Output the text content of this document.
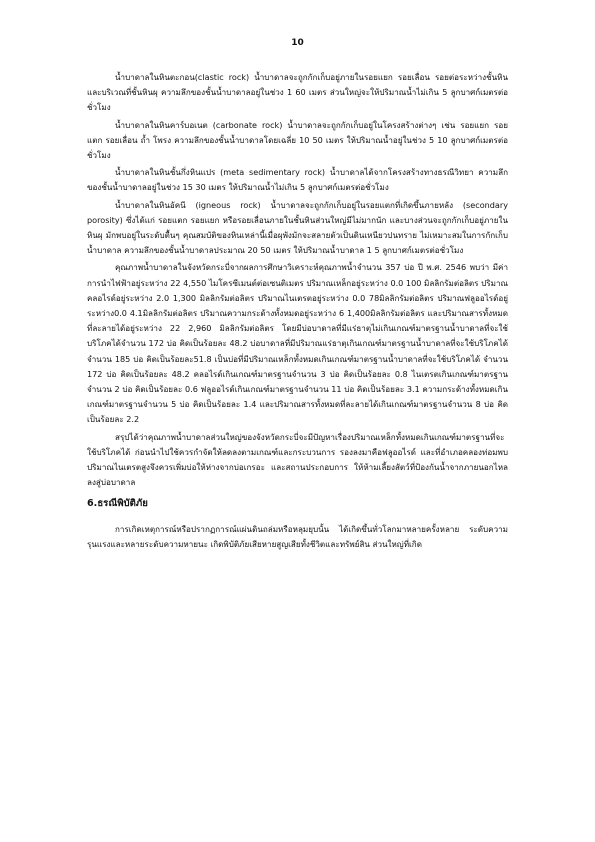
10

น้ำบาดาลในหินตะกอน(clastic rock) น้ำบาดาลจะถูกกักเก็บอยู่ภายในรอยแยก รอยเลื่อน รอยต่อระหว่างชั้นหิน และบริเวณที่ชั้นหินผุ ความลึกของชั้นน้ำบาดาลอยู่ในช่วง 1 60 เมตร ส่วนใหญ่จะให้ปริมาณน้ำไม่เกิน 5 ลูกบาศก์เมตรต่อชั่วโมง

น้ำบาดาลในหินคาร์บอเนต (carbonate rock) น้ำบาดาลจะถูกกักเก็บอยู่ในโครงสร้างต่างๆ เช่น รอยแยก รอยแตก รอยเลื่อน ถ้ำ โพรง ความลึกของชั้นน้ำบาดาลโดยเฉลี่ย 10 50 เมตร ให้ปริมาณน้ำอยู่ในช่วง 5 10 ลูกบาศก์เมตรต่อชั่วโมง

น้ำบาดาลในหินชั้นกึ่งหินแปร (meta sedimentary rock) น้ำบาดาลได้จากโครงสร้างทางธรณีวิทยา ความลึกของชั้นน้ำบาดาลอยู่ในช่วง 15 30 เมตร ให้ปริมาณน้ำไม่เกิน 5 ลูกบาศก์เมตรต่อชั่วโมง

น้ำบาดาลในหินอัคนี (igneous rock) น้ำบาดาลจะถูกกักเก็บอยู่ในรอยแตกที่เกิดขึ้นภายหลัง (secondary porosity) ซึ่งได้แก่ รอยแตก รอยแยก หรือรอยเลื่อนภายในชั้นหินส่วนใหญ่มีไม่มากนัก และบางส่วนจะถูกกักเก็บอยู่ภายในหินผุ มักพบอยู่ในระดับตื้นๆ คุณสมบัติของหินเหล่านี้เมื่อผุพังมักจะสลายตัวเป็นดินเหนียวปนทราย ไม่เหมาะสมในการกักเก็บน้ำบาดาล ความลึกของชั้นน้ำบาดาลประมาณ 20 50 เมตร ให้ปริมาณน้ำบาดาล 1 5 ลูกบาศก์เมตรต่อชั่วโมง

คุณภาพน้ำบาดาลในจังหวัดกระบี่จากผลการศึกษาวิเคราะห์คุณภาพน้ำจำนวน 357 บ่อ ปี พ.ศ. 2546 พบว่า มีค่าการนำไฟฟ้าอยู่ระหว่าง 22 4,550 ไมโครซีเมนต์ต่อเซนติเมตร ปริมาณเหล็กอยู่ระหว่าง 0.0 100 มิลลิกรัมต่อลิตร ปริมาณคลอไรด์อยู่ระหว่าง 2.0 1,300 มิลลิกรัมต่อลิตร ปริมาณไนเตรตอยู่ระหว่าง 0.0 78มิลลิกรัมต่อลิตร ปริมาณฟลูออไรด์อยู่ระหว่าง0.0 4.1มิลลิกรัมต่อลิตร ปริมาณความกระด้างทั้งหมดอยู่ระหว่าง 6 1,400มิลลิกรัมต่อลิตร และปริมาณสารทั้งหมดที่ละลายได้อยู่ระหว่าง 22 2,960 มิลลิกรัมต่อลิตร โดยมีบ่อบาดาลที่มีแร่ธาตุไม่เกินเกณฑ์มาตรฐานน้ำบาดาลที่จะใช้บริโภคได้จำนวน 172 บ่อ คิดเป็นร้อยละ 48.2 บ่อบาดาลที่มีปริมาณแร่ธาตุเกินเกณฑ์มาตรฐานน้ำบาดาลที่จะใช้บริโภคได้ จำนวน 185 บ่อ คิดเป็นร้อยละ51.8 เป็นบ่อที่มีปริมาณเหล็กทั้งหมดเกินเกณฑ์มาตรฐานน้ำบาดาลที่จะใช้บริโภคได้ จำนวน 172 บ่อ คิดเป็นร้อยละ 48.2 คลอไรด์เกินเกณฑ์มาตรฐานจำนวน 3 บ่อ คิดเป็นร้อยละ 0.8 ไนเตรตเกินเกณฑ์มาตรฐานจำนวน 2 บ่อ คิดเป็นร้อยละ 0.6 ฟลูออไรด์เกินเกณฑ์มาตรฐานจำนวน 11 บ่อ คิดเป็นร้อยละ 3.1 ความกระด้างทั้งหมดเกินเกณฑ์มาตรฐานจำนวน 5 บ่อ คิดเป็นร้อยละ 1.4 และปริมาณสารทั้งหมดที่ละลายได้เกินเกณฑ์มาตรฐานจำนวน 8 บ่อ คิดเป็นร้อยละ 2.2

สรุปได้ว่าคุณภาพน้ำบาดาลส่วนใหญ่ของจังหวัดกระบี่จะมีปัญหาเรื่องปริมาณเหล็กทั้งหมดเกินเกณฑ์มาตรฐานที่จะใช้บริโภคได้ ก่อนนำไปใช้ควรกำจัดให้ลดลงตามเกณฑ์และกระบวนการ รองลงมาคือฟลูออไรด์ และที่อำเภอคลองท่อมพบปริมาณไนเตรตสูงจึงควรเพิ่มบ่อให้ห่างจากบ่อเกรอะ และสถานประกอบการ ให้ห้ามเลี้ยงสัตว์ที่ป้องกันน้ำจากภายนอกไหลลงสู่บ่อบาดาล

6.ธรณีพิบัติภัย

การเกิดเหตุการณ์หรือปรากฏการณ์แผ่นดินถล่มหรือหลุมยุบนั้น ได้เกิดขึ้นทั่วโลกมาหลายครั้งหลาย ระดับความรุนแรงและหลายระดับความหายนะ เกิดพิบัติภัยเสียหายสูญเสียทั้งชีวิตและทรัพย์สิน ส่วนใหญ่ที่เกิด
